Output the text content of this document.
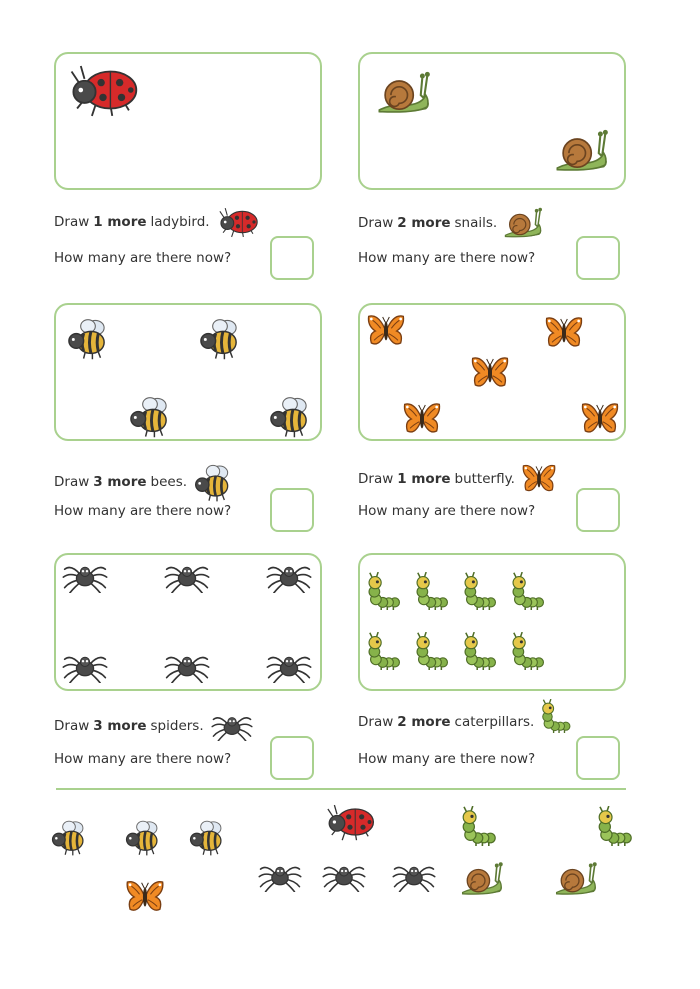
Draw 1 more ladybird.
How many are there now?
Draw 2 more snails.
How many are there now?
Draw 3 more bees.
How many are there now?
Draw 1 more butterfly.
How many are there now?
Draw 3 more spiders.
How many are there now?
Draw 2 more caterpillars.
How many are there now?
